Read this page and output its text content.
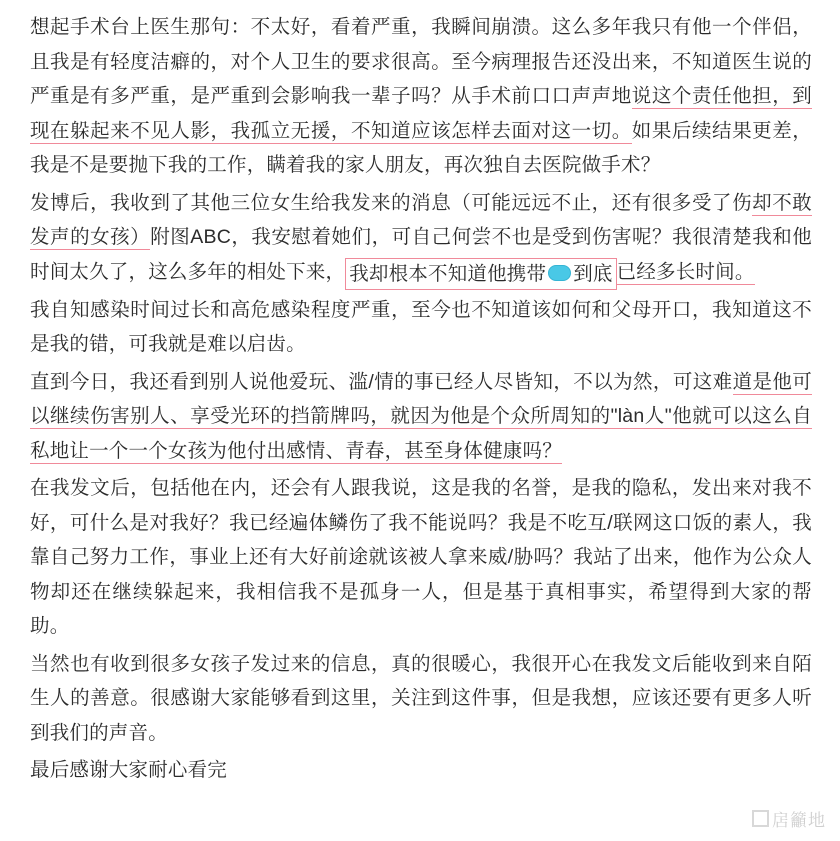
想起手术台上医生那句：不太好，看着严重，我瞬间崩溃。这么多年我只有他一个伴侣，且我是有轻度洁癖的，对个人卫生的要求很高。至今病理报告还没出来，不知道医生说的严重是有多严重，是严重到会影响我一辈子吗？从手术前口口声声地说这个责任他担，到现在躲起来不见人影，我孤立无援，不知道应该怎样去面对这一切。如果后续结果更差，我是不是要抛下我的工作，瞒着我的家人朋友，再次独自去医院做手术？

发博后，我收到了其他三位女生给我发来的消息（可能远远不止，还有很多受了伤却不敢发声的女孩）附图ABC，我安慰着她们，可自己何尝不也是受到伤害呢？我很清楚我和他时间太久了，这么多年的相处下来， 我却根本不知道他携带 到底 已经多长时间。

我自知感染时间过长和高危感染程度严重，至今也不知道该如何和父母开口，我知道这不是我的错，可我就是难以启齿。

直到今日，我还看到别人说他爱玩、滥/情的事已经人尽皆知，不以为然，可这难道是他可以继续伤害别人、享受光环的挡箭牌吗，就因为他是个众所周知的"làn人"他就可以这么自私地让一个一个女孩为他付出感情、青春，甚至身体健康吗？

在我发文后，包括他在内，还会有人跟我说，这是我的名誉，是我的隐私，发出来对我不好，可什么是对我好？我已经遍体鳞伤了我不能说吗？我是不吃互/联网这口饭的素人，我靠自己努力工作，事业上还有大好前途就该被人拿来威/胁吗？我站了出来，他作为公众人物却还在继续躲起来，我相信我不是孤身一人，但是基于真相事实，希望得到大家的帮助。

当然也有收到很多女孩子发过来的信息，真的很暖心，我很开心在我发文后能收到来自陌生人的善意。很感谢大家能够看到这里，关注到这件事，但是我想，应该还要有更多人听到我们的声音。

最后感谢大家耐心看完

扂籲地
